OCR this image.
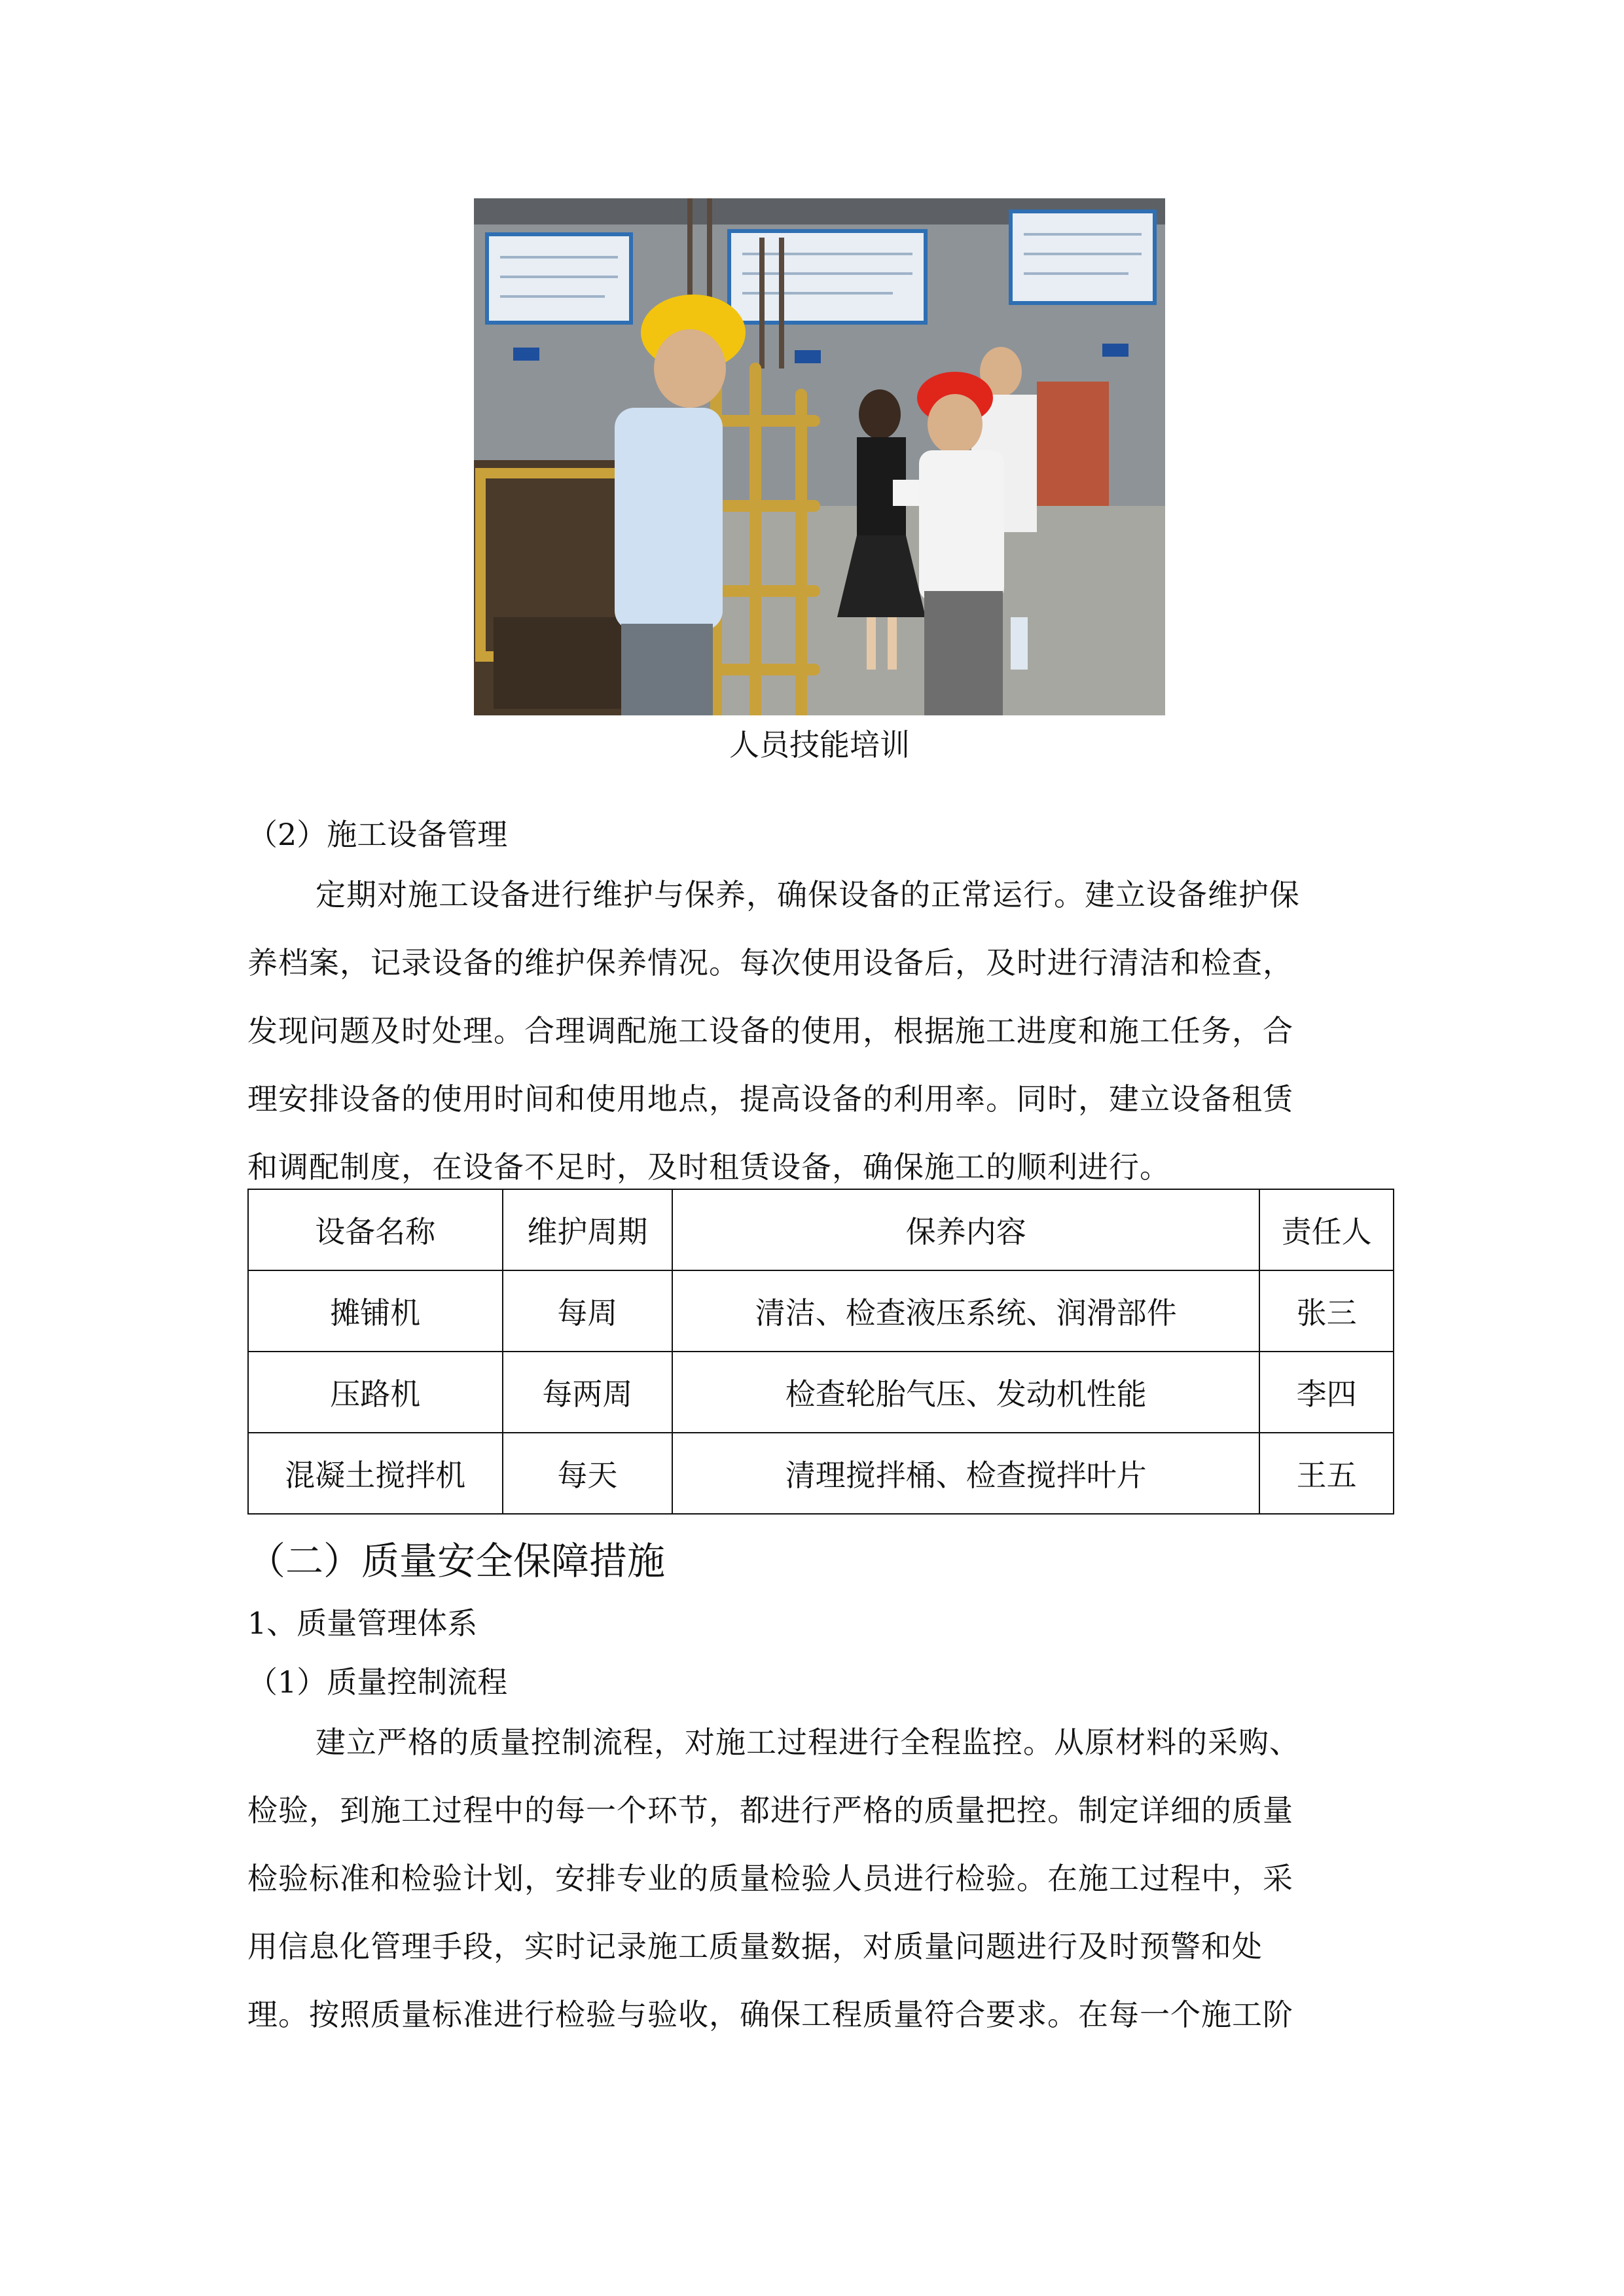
人员技能培训
（2）施工设备管理
定期对施工设备进行维护与保养，确保设备的正常运行。建立设备维护保
养档案，记录设备的维护保养情况。每次使用设备后，及时进行清洁和检查，
发现问题及时处理。合理调配施工设备的使用，根据施工进度和施工任务，合
理安排设备的使用时间和使用地点，提高设备的利用率。同时，建立设备租赁
和调配制度，在设备不足时，及时租赁设备，确保施工的顺利进行。
设备名称	维护周期	保养内容	责任人
摊铺机	每周	清洁、检查液压系统、润滑部件	张三
压路机	每两周	检查轮胎气压、发动机性能	李四
混凝土搅拌机	每天	清理搅拌桶、检查搅拌叶片	王五
（二）质量安全保障措施
1、质量管理体系
（1）质量控制流程
建立严格的质量控制流程，对施工过程进行全程监控。从原材料的采购、
检验，到施工过程中的每一个环节，都进行严格的质量把控。制定详细的质量
检验标准和检验计划，安排专业的质量检验人员进行检验。在施工过程中，采
用信息化管理手段，实时记录施工质量数据，对质量问题进行及时预警和处
理。按照质量标准进行检验与验收，确保工程质量符合要求。在每一个施工阶
